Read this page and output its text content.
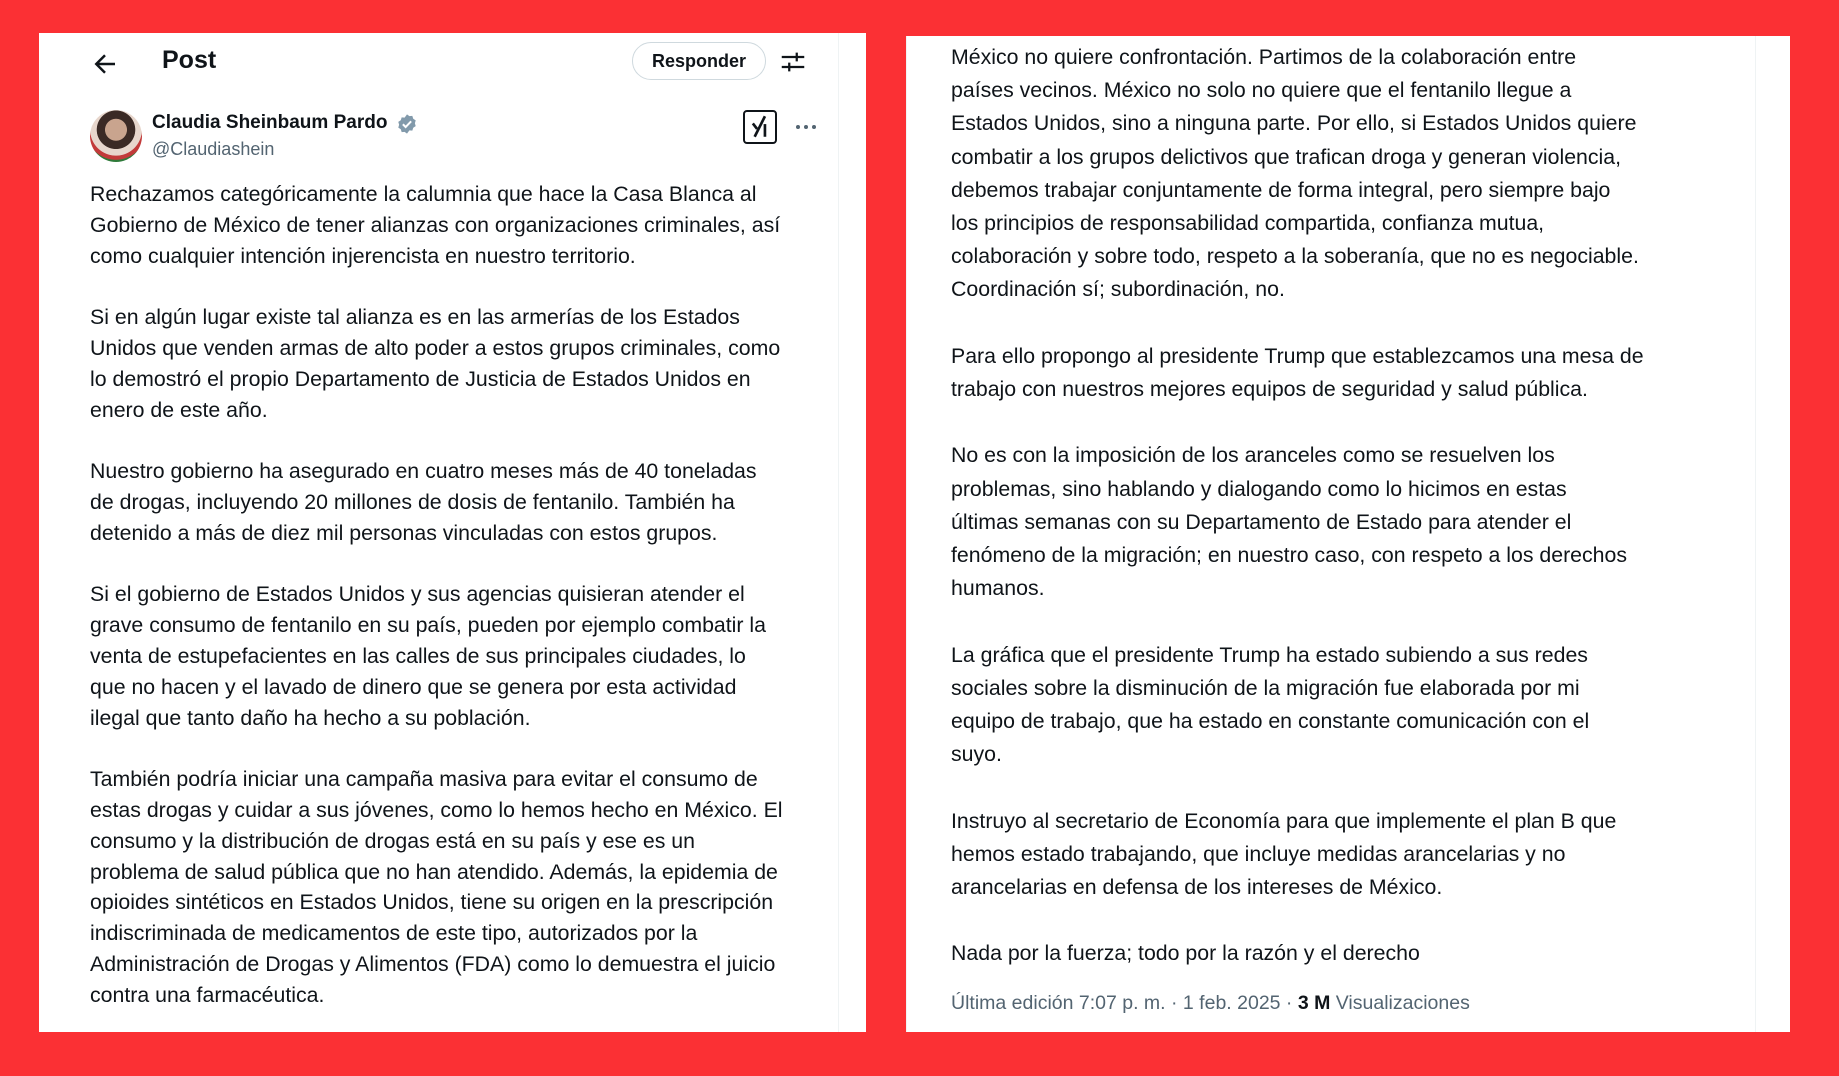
Post	Responder
Claudia Sheinbaum Pardo
@Claudiashein

Rechazamos categóricamente la calumnia que hace la Casa Blanca al
Gobierno de México de tener alianzas con organizaciones criminales, así
como cualquier intención injerencista en nuestro territorio.

Si en algún lugar existe tal alianza es en las armerías de los Estados
Unidos que venden armas de alto poder a estos grupos criminales, como
lo demostró el propio Departamento de Justicia de Estados Unidos en
enero de este año.

Nuestro gobierno ha asegurado en cuatro meses más de 40 toneladas
de drogas, incluyendo 20 millones de dosis de fentanilo. También ha
detenido a más de diez mil personas vinculadas con estos grupos.

Si el gobierno de Estados Unidos y sus agencias quisieran atender el
grave consumo de fentanilo en su país, pueden por ejemplo combatir la
venta de estupefacientes en las calles de sus principales ciudades, lo
que no hacen y el lavado de dinero que se genera por esta actividad
ilegal que tanto daño ha hecho a su población.

También podría iniciar una campaña masiva para evitar el consumo de
estas drogas y cuidar a sus jóvenes, como lo hemos hecho en México. El
consumo y la distribución de drogas está en su país y ese es un
problema de salud pública que no han atendido. Además, la epidemia de
opioides sintéticos en Estados Unidos, tiene su origen en la prescripción
indiscriminada de medicamentos de este tipo, autorizados por la
Administración de Drogas y Alimentos (FDA) como lo demuestra el juicio
contra una farmacéutica.

México no quiere confrontación. Partimos de la colaboración entre
países vecinos. México no solo no quiere que el fentanilo llegue a
Estados Unidos, sino a ninguna parte. Por ello, si Estados Unidos quiere
combatir a los grupos delictivos que trafican droga y generan violencia,
debemos trabajar conjuntamente de forma integral, pero siempre bajo
los principios de responsabilidad compartida, confianza mutua,
colaboración y sobre todo, respeto a la soberanía, que no es negociable.
Coordinación sí; subordinación, no.

Para ello propongo al presidente Trump que establezcamos una mesa de
trabajo con nuestros mejores equipos de seguridad y salud pública.

No es con la imposición de los aranceles como se resuelven los
problemas, sino hablando y dialogando como lo hicimos en estas
últimas semanas con su Departamento de Estado para atender el
fenómeno de la migración; en nuestro caso, con respeto a los derechos
humanos.

La gráfica que el presidente Trump ha estado subiendo a sus redes
sociales sobre la disminución de la migración fue elaborada por mi
equipo de trabajo, que ha estado en constante comunicación con el
suyo.

Instruyo al secretario de Economía para que implemente el plan B que
hemos estado trabajando, que incluye medidas arancelarias y no
arancelarias en defensa de los intereses de México.

Nada por la fuerza; todo por la razón y el derecho

Última edición 7:07 p. m. · 1 feb. 2025 · 3 M Visualizaciones
